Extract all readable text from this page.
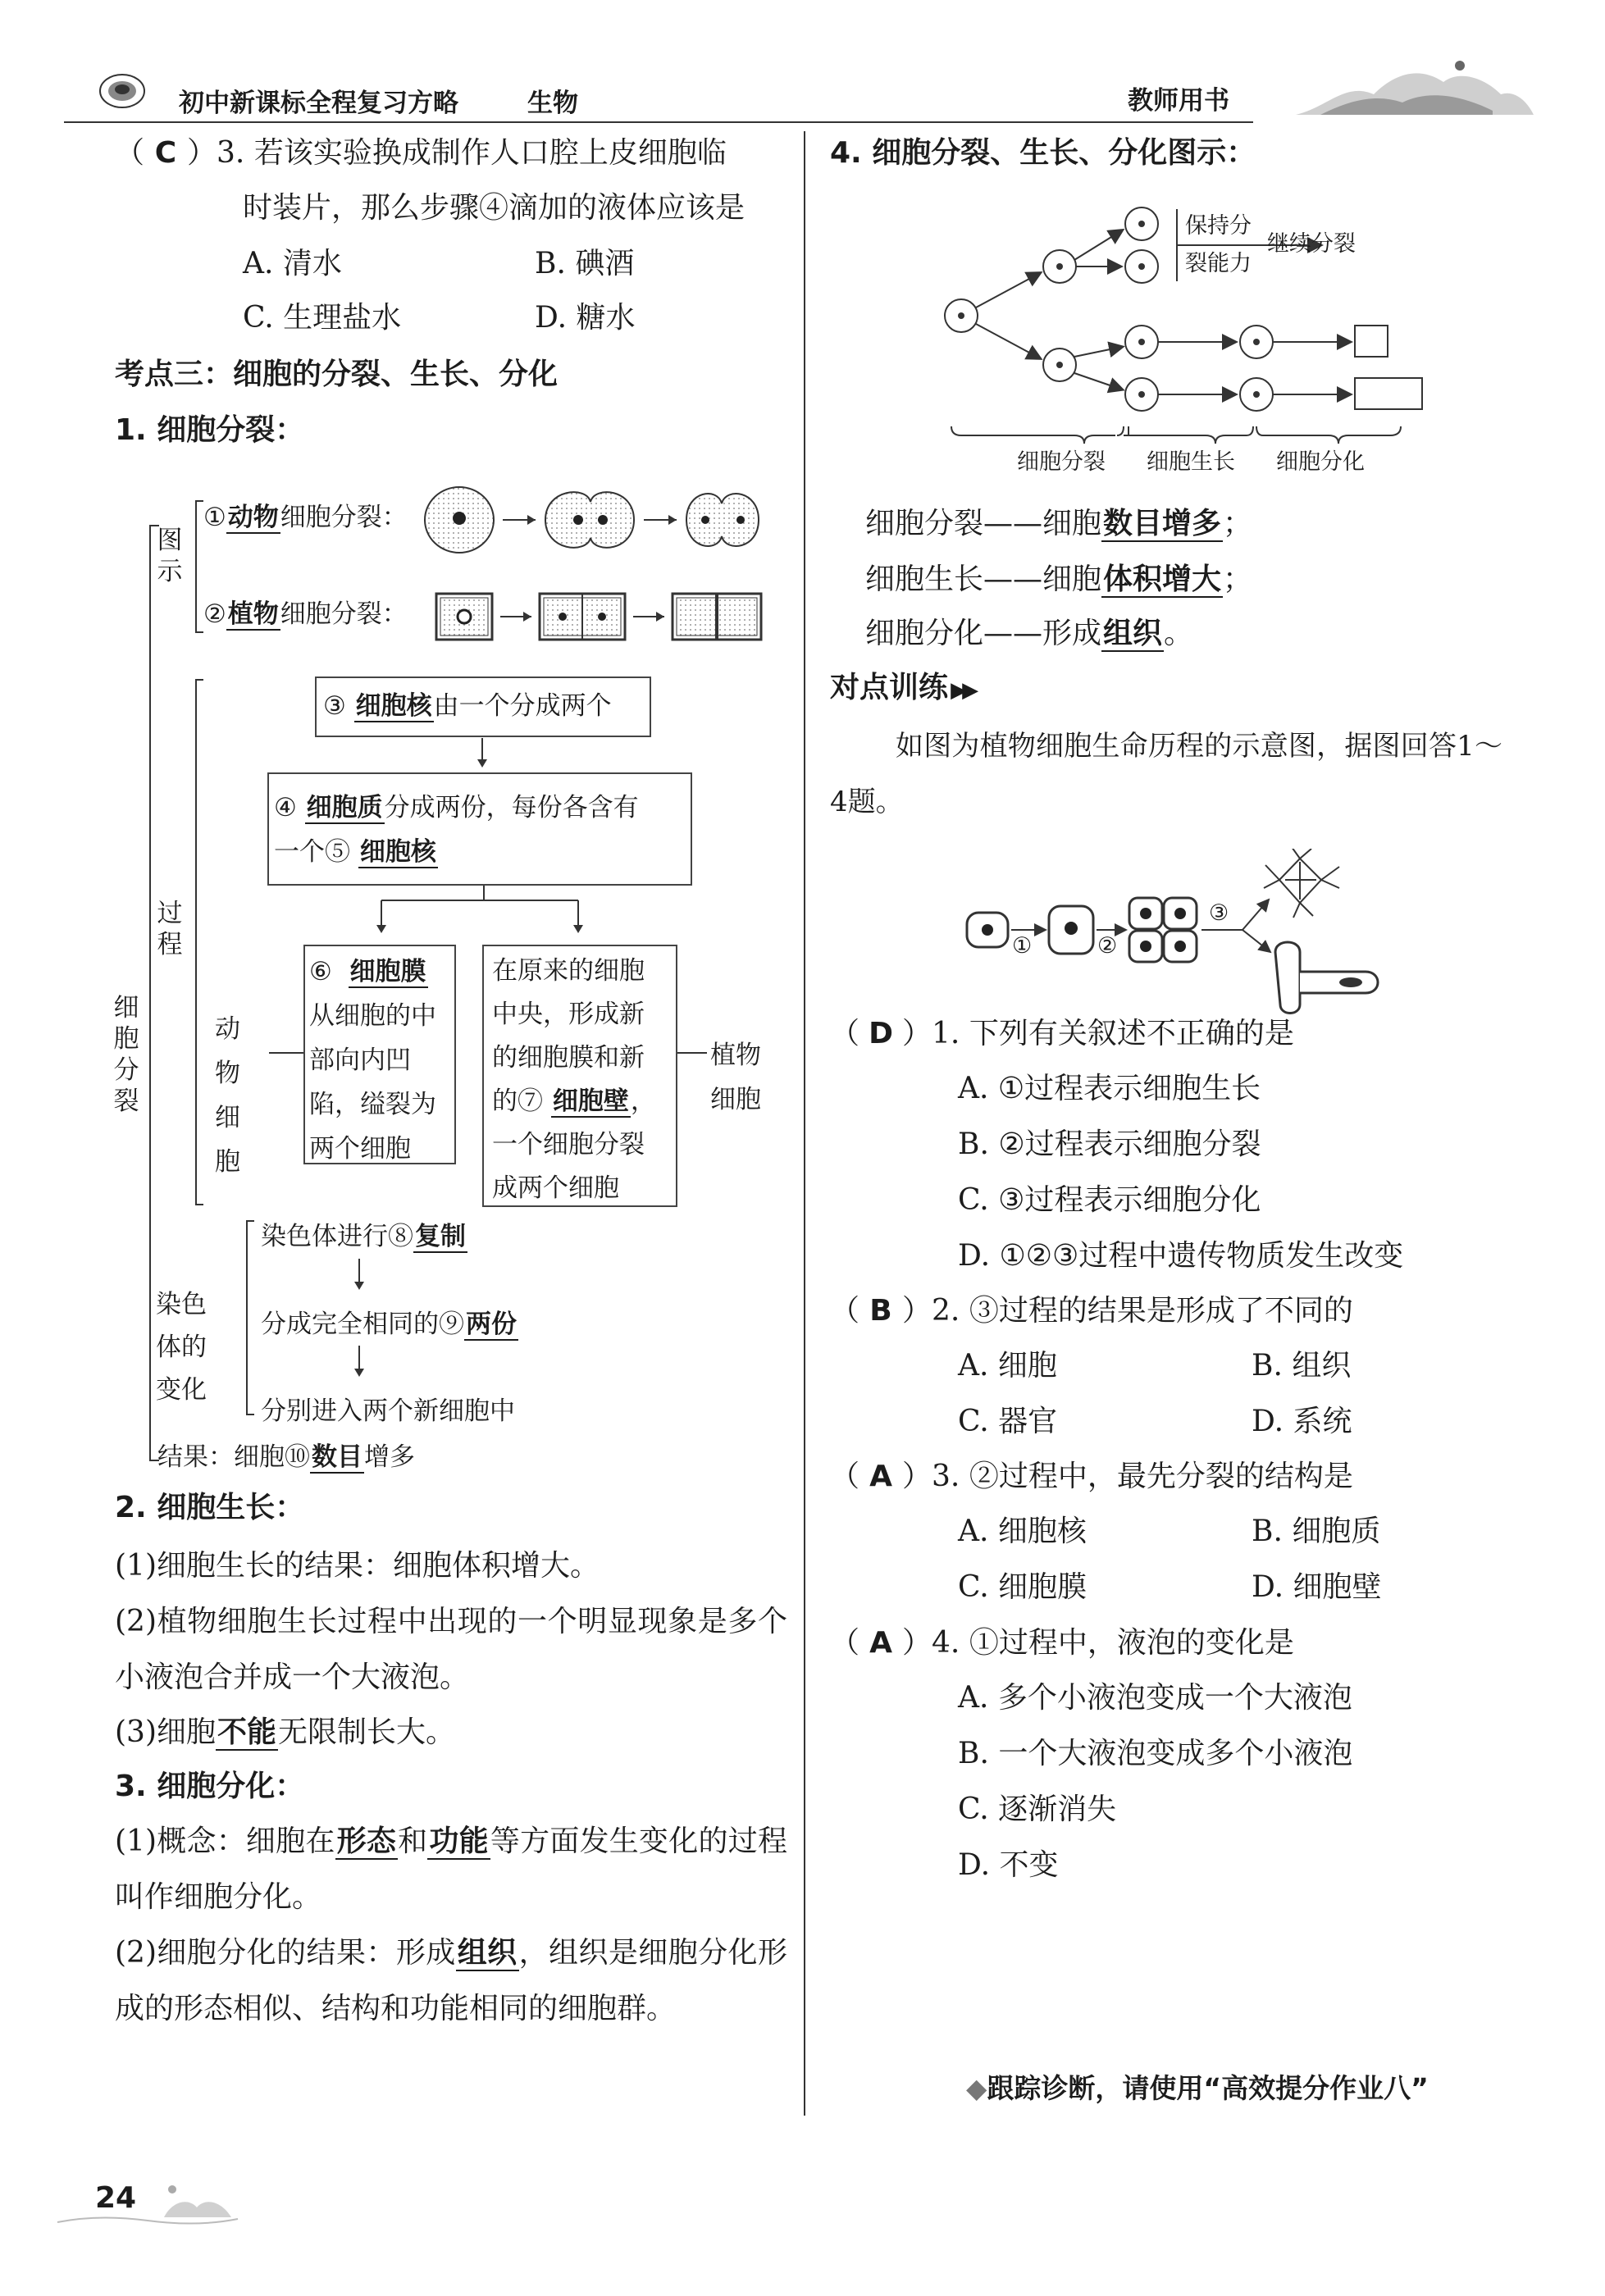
初中新课标全程复习方略	生物	教师用书
（ C ）3. 若该实验换成制作人口腔上皮细胞临
时装片，那么步骤④滴加的液体应该是
A. 清水	B. 碘酒
C. 生理盐水	D. 糖水
考点三：细胞的分裂、生长、分化
1. 细胞分裂：
细胞分裂
图示
①动物细胞分裂：
②植物细胞分裂：
过程
③ 细胞核由一个分成两个
④ 细胞质分成两份，每份各含有
一个⑤ 细胞核
动物细胞
⑥ 细胞膜
从细胞的中
部向内凹
陷，缢裂为
两个细胞
在原来的细胞
中央，形成新
的细胞膜和新
的⑦ 细胞壁，
一个细胞分裂
成两个细胞
植物细胞
染色体的变化
染色体进行⑧复制
分成完全相同的⑨两份
分别进入两个新细胞中
结果：细胞⑩数目增多
2. 细胞生长：
(1)细胞生长的结果：细胞体积增大。
(2)植物细胞生长过程中出现的一个明显现象是多个小液泡合并成一个大液泡。
(3)细胞不能无限制长大。
3. 细胞分化：
(1)概念：细胞在形态和功能等方面发生变化的过程叫作细胞分化。
(2)细胞分化的结果：形成组织，组织是细胞分化形成的形态相似、结构和功能相同的细胞群。
4. 细胞分裂、生长、分化图示：
保持分
裂能力
继续分裂
细胞分裂 细胞生长 细胞分化
细胞分裂——细胞数目增多；
细胞生长——细胞体积增大；
细胞分化——形成组织。
对点训练 ▶▶
如图为植物细胞生命历程的示意图，据图回答1～4题。
①	②
③
（ D ）1. 下列有关叙述不正确的是
A. ①过程表示细胞生长
B. ②过程表示细胞分裂
C. ③过程表示细胞分化
D. ①②③过程中遗传物质发生改变
（ B ）2. ③过程的结果是形成了不同的
A. 细胞	B. 组织
C. 器官	D. 系统
（ A ）3. ②过程中，最先分裂的结构是
A. 细胞核	B. 细胞质
C. 细胞膜	D. 细胞壁
（ A ）4. ①过程中，液泡的变化是
A. 多个小液泡变成一个大液泡
B. 一个大液泡变成多个小液泡
C. 逐渐消失
D. 不变
◆跟踪诊断，请使用“高效提分作业八”
24
